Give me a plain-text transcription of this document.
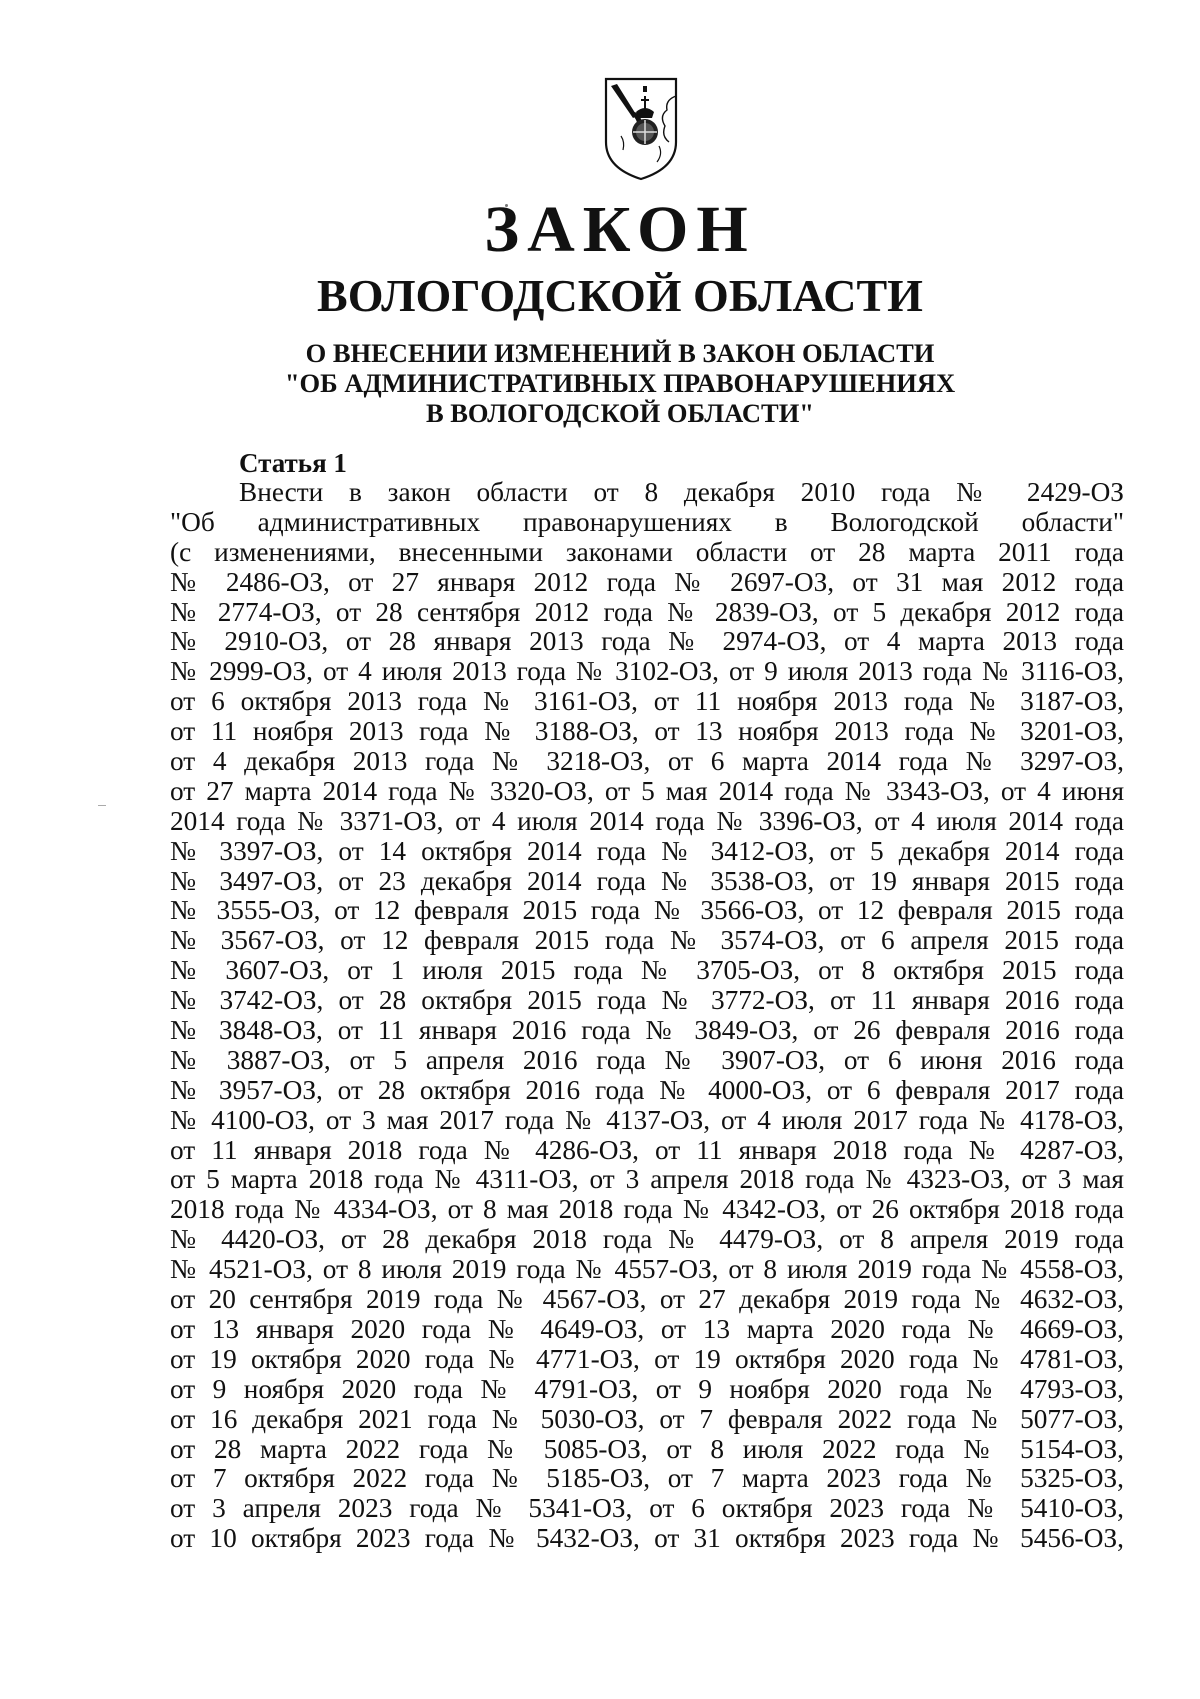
ЗАКОН
ВОЛОГОДСКОЙ ОБЛАСТИ
О ВНЕСЕНИИ ИЗМЕНЕНИЙ В ЗАКОН ОБЛАСТИ
"ОБ АДМИНИСТРАТИВНЫХ ПРАВОНАРУШЕНИЯХ
В ВОЛОГОДСКОЙ ОБЛАСТИ"
Статья 1
Внести в закон области от 8 декабря 2010 года № 2429-ОЗ
"Об административных правонарушениях в Вологодской области"
(с изменениями, внесенными законами области от 28 марта 2011 года
№ 2486-ОЗ, от 27 января 2012 года № 2697-ОЗ, от 31 мая 2012 года
№ 2774-ОЗ, от 28 сентября 2012 года № 2839-ОЗ, от 5 декабря 2012 года
№ 2910-ОЗ, от 28 января 2013 года № 2974-ОЗ, от 4 марта 2013 года
№ 2999-ОЗ, от 4 июля 2013 года № 3102-ОЗ, от 9 июля 2013 года № 3116-ОЗ,
от 6 октября 2013 года № 3161-ОЗ, от 11 ноября 2013 года № 3187-ОЗ,
от 11 ноября 2013 года № 3188-ОЗ, от 13 ноября 2013 года № 3201-ОЗ,
от 4 декабря 2013 года № 3218-ОЗ, от 6 марта 2014 года № 3297-ОЗ,
от 27 марта 2014 года № 3320-ОЗ, от 5 мая 2014 года № 3343-ОЗ, от 4 июня
2014 года № 3371-ОЗ, от 4 июля 2014 года № 3396-ОЗ, от 4 июля 2014 года
№ 3397-ОЗ, от 14 октября 2014 года № 3412-ОЗ, от 5 декабря 2014 года
№ 3497-ОЗ, от 23 декабря 2014 года № 3538-ОЗ, от 19 января 2015 года
№ 3555-ОЗ, от 12 февраля 2015 года № 3566-ОЗ, от 12 февраля 2015 года
№ 3567-ОЗ, от 12 февраля 2015 года № 3574-ОЗ, от 6 апреля 2015 года
№ 3607-ОЗ, от 1 июля 2015 года № 3705-ОЗ, от 8 октября 2015 года
№ 3742-ОЗ, от 28 октября 2015 года № 3772-ОЗ, от 11 января 2016 года
№ 3848-ОЗ, от 11 января 2016 года № 3849-ОЗ, от 26 февраля 2016 года
№ 3887-ОЗ, от 5 апреля 2016 года № 3907-ОЗ, от 6 июня 2016 года
№ 3957-ОЗ, от 28 октября 2016 года № 4000-ОЗ, от 6 февраля 2017 года
№ 4100-ОЗ, от 3 мая 2017 года № 4137-ОЗ, от 4 июля 2017 года № 4178-ОЗ,
от 11 января 2018 года № 4286-ОЗ, от 11 января 2018 года № 4287-ОЗ,
от 5 марта 2018 года № 4311-ОЗ, от 3 апреля 2018 года № 4323-ОЗ, от 3 мая
2018 года № 4334-ОЗ, от 8 мая 2018 года № 4342-ОЗ, от 26 октября 2018 года
№ 4420-ОЗ, от 28 декабря 2018 года № 4479-ОЗ, от 8 апреля 2019 года
№ 4521-ОЗ, от 8 июля 2019 года № 4557-ОЗ, от 8 июля 2019 года № 4558-ОЗ,
от 20 сентября 2019 года № 4567-ОЗ, от 27 декабря 2019 года № 4632-ОЗ,
от 13 января 2020 года № 4649-ОЗ, от 13 марта 2020 года № 4669-ОЗ,
от 19 октября 2020 года № 4771-ОЗ, от 19 октября 2020 года № 4781-ОЗ,
от 9 ноября 2020 года № 4791-ОЗ, от 9 ноября 2020 года № 4793-ОЗ,
от 16 декабря 2021 года № 5030-ОЗ, от 7 февраля 2022 года № 5077-ОЗ,
от 28 марта 2022 года № 5085-ОЗ, от 8 июля 2022 года № 5154-ОЗ,
от 7 октября 2022 года № 5185-ОЗ, от 7 марта 2023 года № 5325-ОЗ,
от 3 апреля 2023 года № 5341-ОЗ, от 6 октября 2023 года № 5410-ОЗ,
от 10 октября 2023 года № 5432-ОЗ, от 31 октября 2023 года № 5456-ОЗ,
